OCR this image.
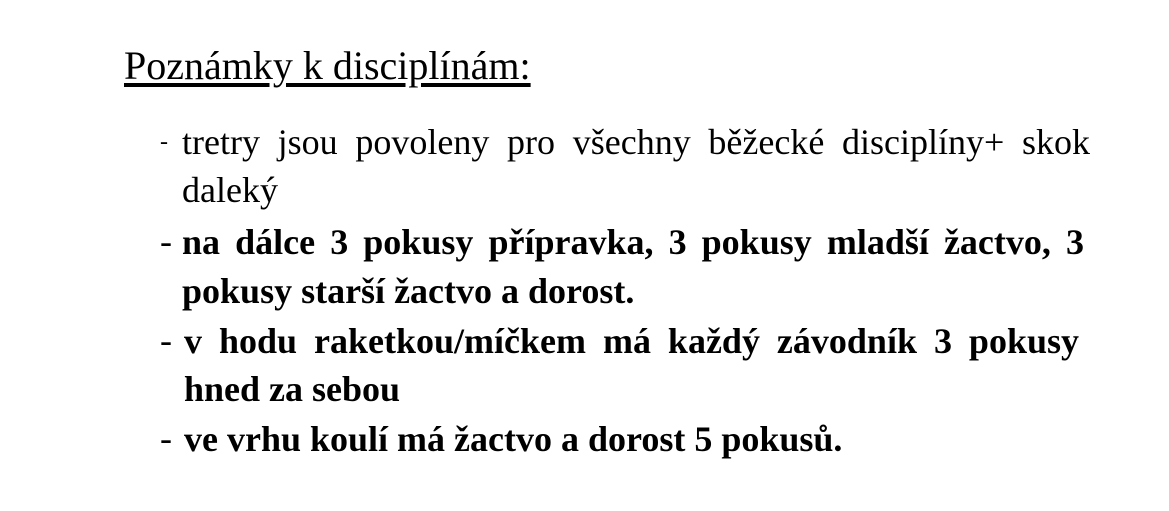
Poznámky k disciplínám:
- tretry jsou povoleny pro všechny běžecké disciplíny+ skok daleký
- na dálce 3 pokusy přípravka, 3 pokusy mladší žactvo, 3 pokusy starší žactvo a dorost.
- v hodu raketkou/míčkem má každý závodník 3 pokusy hned za sebou
- ve vrhu koulí má žactvo a dorost 5 pokusů.
